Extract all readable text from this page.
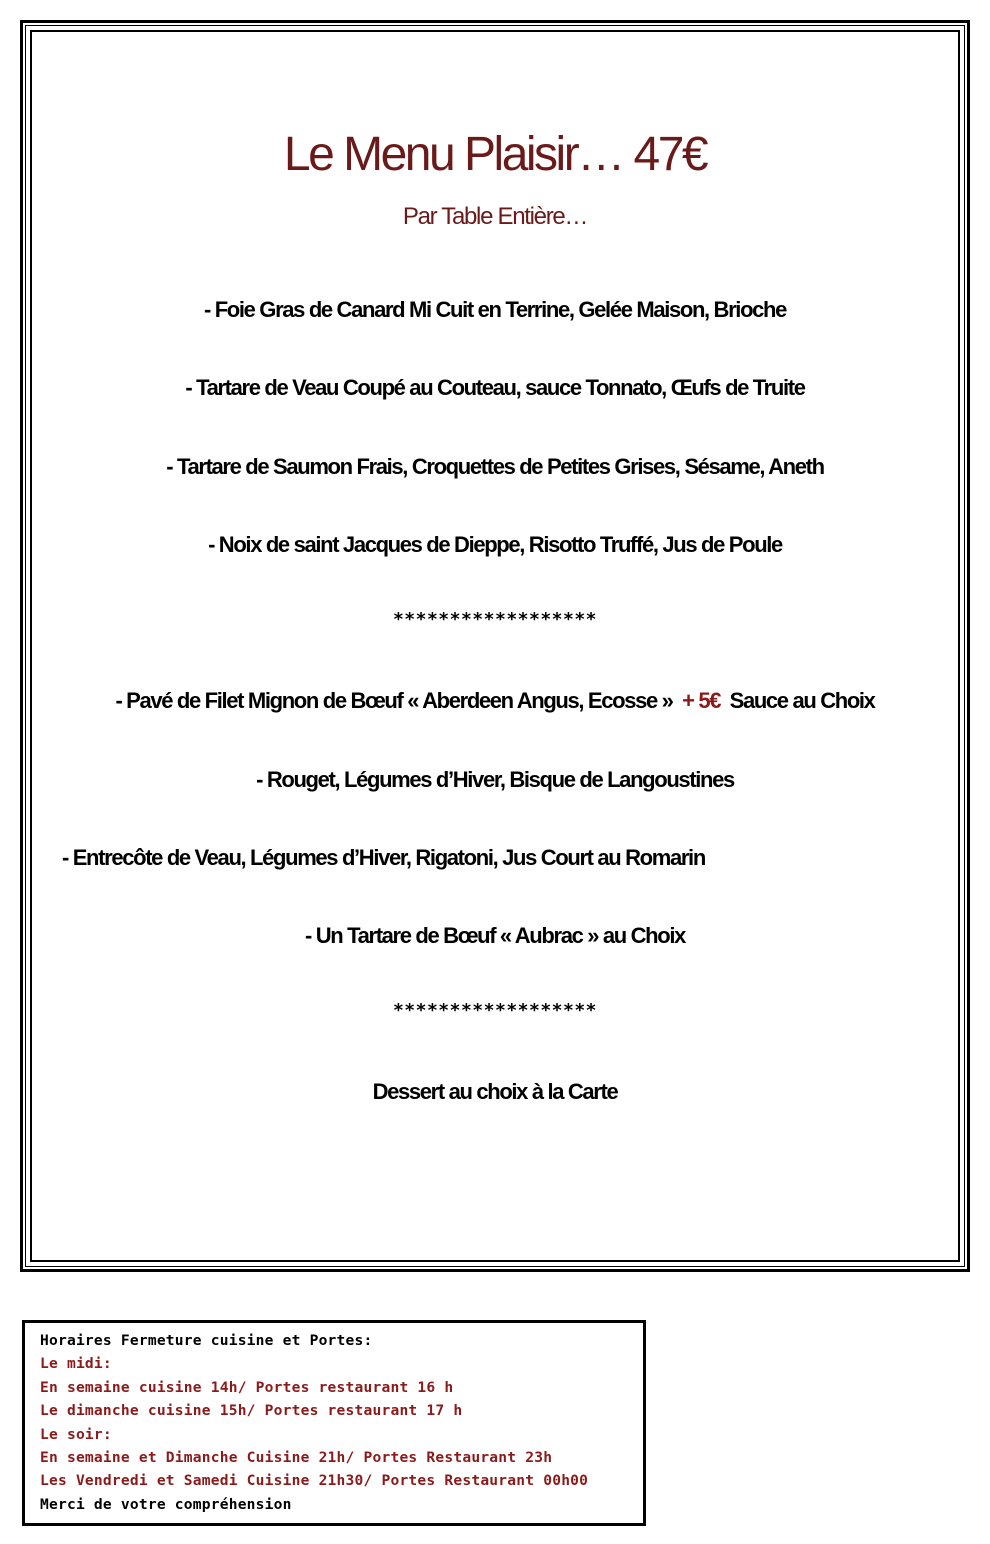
Le Menu Plaisir… 47€
Par Table Entière…
- Foie Gras de Canard Mi Cuit en Terrine, Gelée Maison, Brioche
- Tartare de Veau Coupé au Couteau, sauce Tonnato, Œufs de Truite
- Tartare de Saumon Frais, Croquettes de Petites Grises, Sésame, Aneth
- Noix de saint Jacques de Dieppe, Risotto Truffé, Jus de Poule
******************
- Pavé de Filet Mignon de Bœuf « Aberdeen Angus, Ecosse » + 5€ Sauce au Choix
- Rouget, Légumes d’Hiver, Bisque de Langoustines
- Entrecôte de Veau, Légumes d’Hiver, Rigatoni, Jus Court au Romarin
- Un Tartare de Bœuf « Aubrac » au Choix
******************
Dessert au choix à la Carte
Horaires Fermeture cuisine et Portes:
Le midi:
En semaine cuisine 14h/ Portes restaurant 16 h
Le dimanche cuisine 15h/ Portes restaurant 17 h
Le soir:
En semaine et Dimanche Cuisine 21h/ Portes Restaurant 23h
Les Vendredi et Samedi Cuisine 21h30/ Portes Restaurant 00h00
Merci de votre compréhension
